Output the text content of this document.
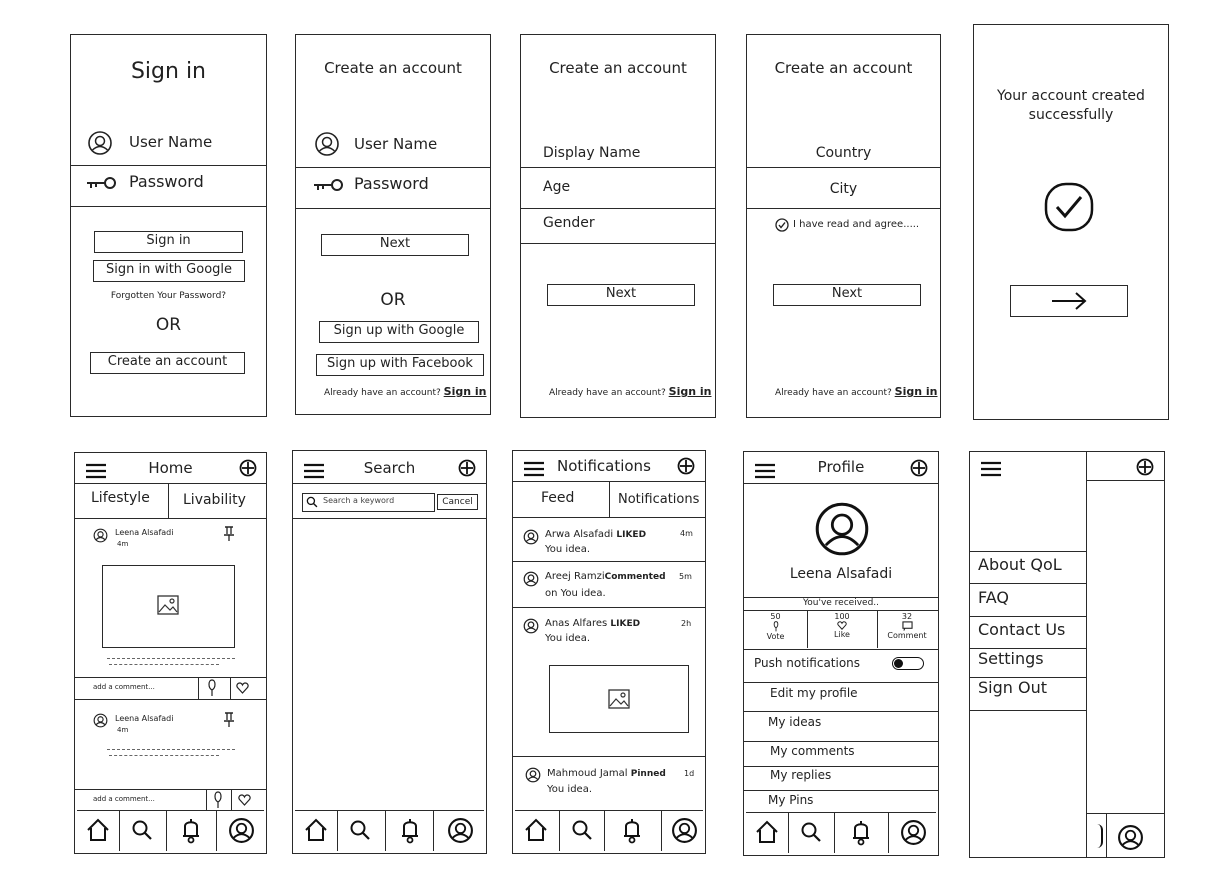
Sign in
User Name
Password
Sign in
Sign in with Google
Forgotten Your Password?
OR
Create an account
Create an account
User Name
Password
Next
OR
Sign up with Google
Sign up with Facebook
Already have an account? Sign in
Create an account
Display Name
Age
Gender
Next
Already have an account? Sign in
Create an account
Country
City
I have read and agree.....
Next
Already have an account? Sign in
Your account created
successfully
Home
Lifestyle Livability
Leena Alsafadi
4m
add a comment...
Leena Alsafadi
4m
add a comment...
Search
Search a keyword	Cancel
Notifications
Feed	Notifications
Arwa Alsafadi LIKED
You idea.
4m
Areej RamziCommented
on You idea.
5m
Anas Alfares LIKED
You idea.
2h
Mahmoud Jamal Pinned
You idea.
1d
Profile
Leena Alsafadi
You've received..
50
Vote
100
Like
32
Comment
Push notifications
Edit my profile
My ideas
My comments
My replies
My Pins
About QoL
FAQ
Contact Us
Settings
Sign Out
